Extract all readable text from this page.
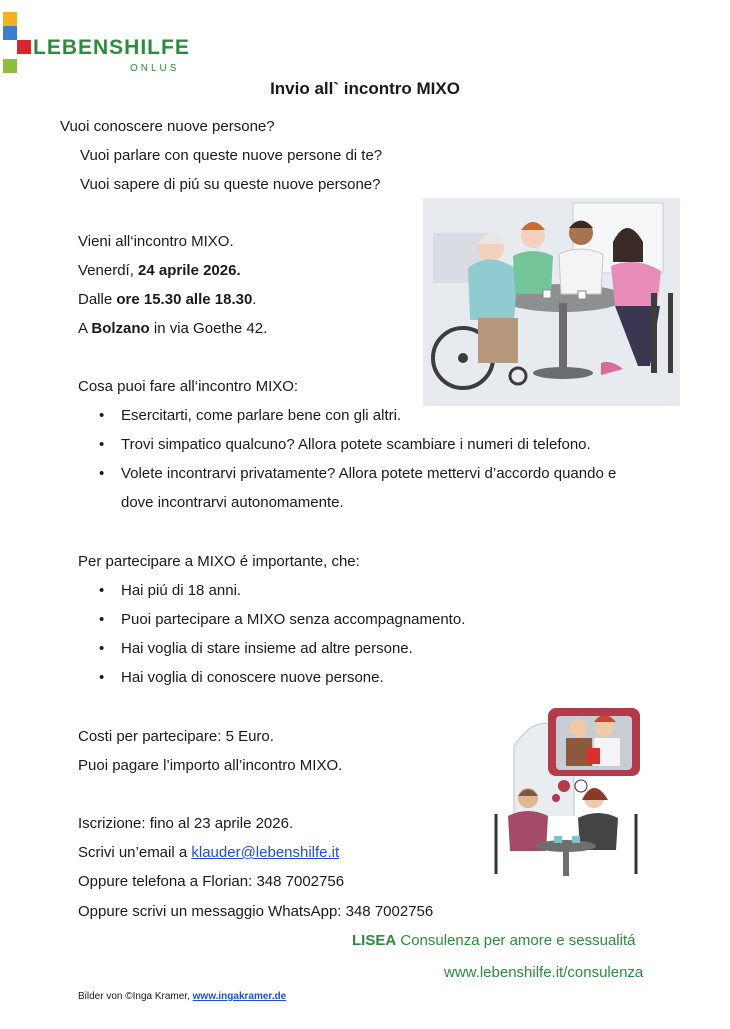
LEBENSHILFE
ONLUS
Invio all` incontro MIXO
Vuoi conoscere nuove persone?
Vuoi parlare con queste nuove persone di te?
Vuoi sapere di piú su queste nuove persone?
Vieni all‘incontro MIXO.
Venerdí, 24 aprile 2026.
Dalle ore 15.30 alle 18.30.
A Bolzano in via Goethe 42.
Cosa puoi fare all‘incontro MIXO:
• Esercitarti, come parlare bene con gli altri.
• Trovi simpatico qualcuno? Allora potete scambiare i numeri di telefono.
• Volete incontrarvi privatamente? Allora potete mettervi d’accordo quando e
dove incontrarvi autonomamente.
Per partecipare a MIXO é importante, che:
• Hai piú di 18 anni.
• Puoi partecipare a MIXO senza accompagnamento.
• Hai voglia di stare insieme ad altre persone.
• Hai voglia di conoscere nuove persone.
Costi per partecipare: 5 Euro.
Puoi pagare l’importo all’incontro MIXO.
Iscrizione: fino al 23 aprile 2026.
Scrivi un’email a klauder@lebenshilfe.it
Oppure telefona a Florian: 348 7002756
Oppure scrivi un messaggio WhatsApp: 348 7002756
LISEA Consulenza per amore e sessualitá
www.lebenshilfe.it/consulenza
Bilder von ©Inga Kramer, www.ingakramer.de
